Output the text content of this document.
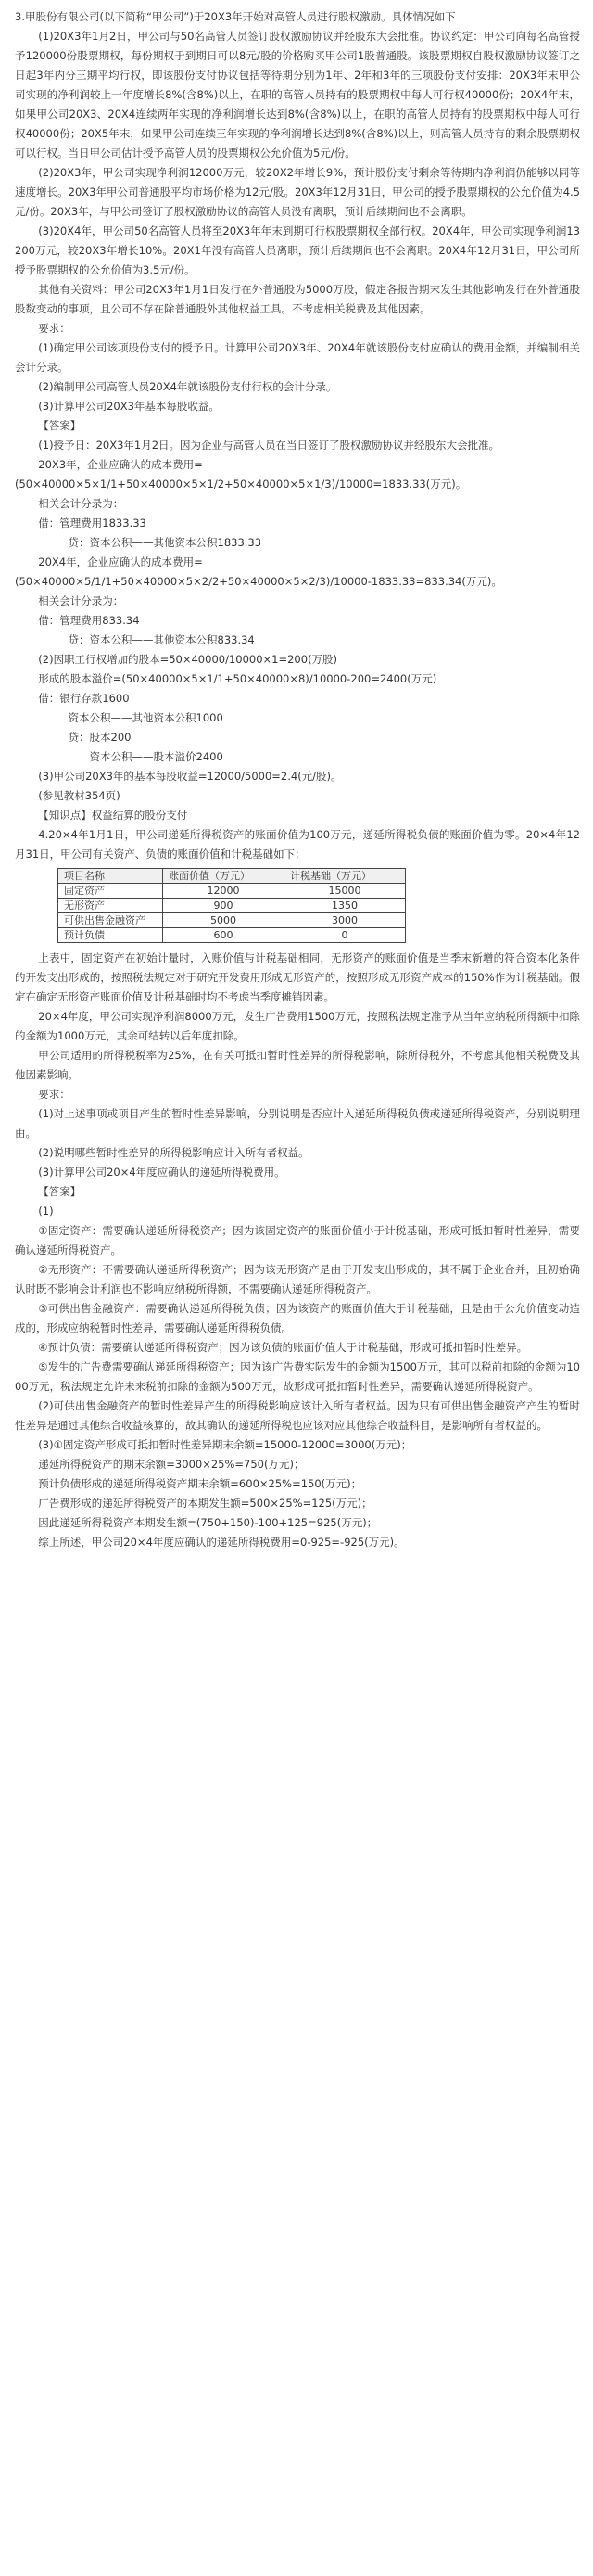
3.甲股份有限公司(以下简称“甲公司”)于20X3年开始对高管人员进行股权激励。具体情况如下
(1)20X3年1月2日，甲公司与50名高管人员签订股权激励协议并经股东大会批准。协议约定：甲公司向每名高管授予120000份股票期权，每份期权于到期日可以8元/股的价格购买甲公司1股普通股。该股票期权自股权激励协议签订之日起3年内分三期平均行权，即该股份支付协议包括等待期分别为1年、2年和3年的三项股份支付安排：20X3年末甲公司实现的净利润较上一年度增长8%(含8%)以上，在职的高管人员持有的股票期权中每人可行权40000份；20X4年末，如果甲公司20X3、20X4连续两年实现的净利润增长达到8%(含8%)以上，在职的高管人员持有的股票期权中每人可行权40000份；20X5年末，如果甲公司连续三年实现的净利润增长达到8%(含8%)以上，则高管人员持有的剩余股票期权可以行权。当日甲公司估计授予高管人员的股票期权公允价值为5元/份。
(2)20X3年，甲公司实现净利润12000万元，较20X2年增长9%，预计股份支付剩余等待期内净利润仍能够以同等速度增长。20X3年甲公司普通股平均市场价格为12元/股。20X3年12月31日，甲公司的授予股票期权的公允价值为4.5元/份。20X3年，与甲公司签订了股权激励协议的高管人员没有离职，预计后续期间也不会离职。
(3)20X4年，甲公司50名高管人员将至20X3年年末到期可行权股票期权全部行权。20X4年，甲公司实现净利润13200万元，较20X3年增长10%。20X1年没有高管人员离职，预计后续期间也不会离职。20X4年12月31日，甲公司所授予股票期权的公允价值为3.5元/份。
其他有关资料：甲公司20X3年1月1日发行在外普通股为5000万股，假定各报告期末发生其他影响发行在外普通股股数变动的事项，且公司不存在除普通股外其他权益工具。不考虑相关税费及其他因素。
要求：
(1)确定甲公司该项股份支付的授予日。计算甲公司20X3年、20X4年就该股份支付应确认的费用金额，并编制相关会计分录。
(2)编制甲公司高管人员20X4年就该股份支付行权的会计分录。
(3)计算甲公司20X3年基本每股收益。
【答案】
(1)授予日：20X3年1月2日。因为企业与高管人员在当日签订了股权激励协议并经股东大会批准。
20X3年，企业应确认的成本费用=
(50×40000×5×1/1+50×40000×5×1/2+50×40000×5×1/3)/10000=1833.33(万元)。
相关会计分录为：
借：管理费用1833.33
贷：资本公积——其他资本公积1833.33
20X4年，企业应确认的成本费用=
(50×40000×5/1/1+50×40000×5×2/2+50×40000×5×2/3)/10000-1833.33=833.34(万元)。
相关会计分录为：
借：管理费用833.34
贷：资本公积——其他资本公积833.34
(2)因职工行权增加的股本=50×40000/10000×1=200(万股)
形成的股本溢价=(50×40000×5×1/1+50×40000×8)/10000-200=2400(万元)
借：银行存款1600
资本公积——其他资本公积1000
贷：股本200
资本公积——股本溢价2400
(3)甲公司20X3年的基本每股收益=12000/5000=2.4(元/股)。
(参见教材354页)
【知识点】权益结算的股份支付
4.20×4年1月1日，甲公司递延所得税资产的账面价值为100万元，递延所得税负债的账面价值为零。20×4年12月31日，甲公司有关资产、负债的账面价值和计税基础如下：
项目名称	账面价值（万元）	计税基础（万元）
固定资产	12000	15000
无形资产	900	1350
可供出售金融资产	5000	3000
预计负债	600	0
上表中，固定资产在初始计量时，入账价值与计税基础相同，无形资产的账面价值是当季末新增的符合资本化条件的开发支出形成的，按照税法规定对于研究开发费用形成无形资产的，按照形成无形资产成本的150%作为计税基础。假定在确定无形资产账面价值及计税基础时均不考虑当季度摊销因素。
20×4年度，甲公司实现净利润8000万元，发生广告费用1500万元，按照税法规定准予从当年应纳税所得额中扣除的金额为1000万元，其余可结转以后年度扣除。
甲公司适用的所得税税率为25%，在有关可抵扣暂时性差异的所得税影响，除所得税外，不考虑其他相关税费及其他因素影响。
要求：
(1)对上述事项或项目产生的暂时性差异影响，分别说明是否应计入递延所得税负债或递延所得税资产，分别说明理由。
(2)说明哪些暂时性差异的所得税影响应计入所有者权益。
(3)计算甲公司20×4年度应确认的递延所得税费用。
【答案】
(1)
①固定资产：需要确认递延所得税资产；因为该固定资产的账面价值小于计税基础，形成可抵扣暂时性差异，需要确认递延所得税资产。
②无形资产：不需要确认递延所得税资产；因为该无形资产是由于开发支出形成的，其不属于企业合并，且初始确认时既不影响会计利润也不影响应纳税所得额，不需要确认递延所得税资产。
③可供出售金融资产：需要确认递延所得税负债；因为该资产的账面价值大于计税基础，且是由于公允价值变动造成的，形成应纳税暂时性差异，需要确认递延所得税负债。
④预计负债：需要确认递延所得税资产；因为该负债的账面价值大于计税基础，形成可抵扣暂时性差异。
⑤发生的广告费需要确认递延所得税资产；因为该广告费实际发生的金额为1500万元，其可以税前扣除的金额为1000万元，税法规定允许未来税前扣除的金额为500万元，故形成可抵扣暂时性差异，需要确认递延所得税资产。
(2)可供出售金融资产的暂时性差异产生的所得税影响应该计入所有者权益。因为只有可供出售金融资产产生的暂时性差异是通过其他综合收益核算的，故其确认的递延所得税也应该对应其他综合收益科目，是影响所有者权益的。
(3)①固定资产形成可抵扣暂时性差异期末余额=15000-12000=3000(万元)；
递延所得税资产的期末余额=3000×25%=750(万元)；
预计负债形成的递延所得税资产期末余额=600×25%=150(万元)；
广告费形成的递延所得税资产的本期发生额=500×25%=125(万元)；
因此递延所得税资产本期发生额=(750+150)-100+125=925(万元)；
综上所述，甲公司20×4年度应确认的递延所得税费用=0-925=-925(万元)。
